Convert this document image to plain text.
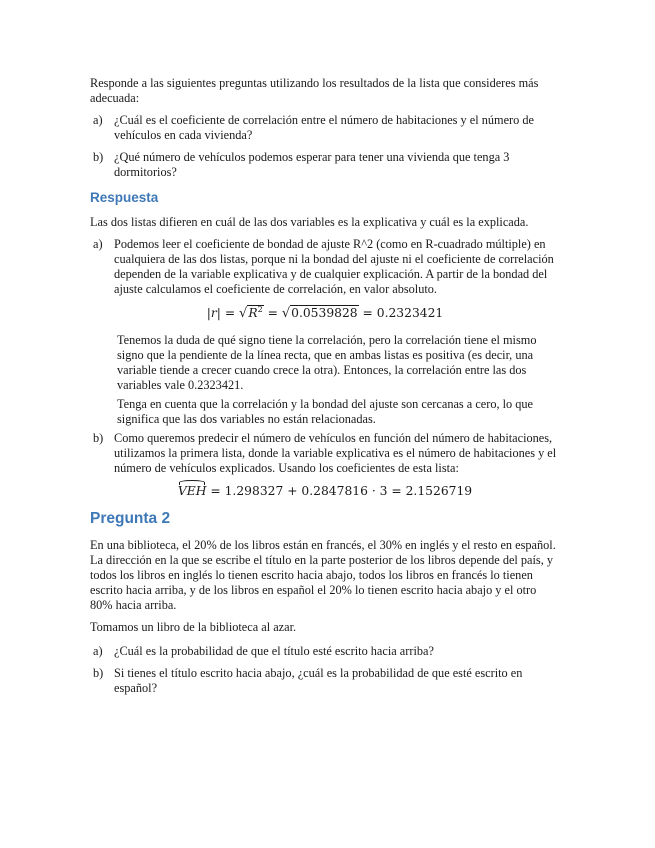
Responde a las siguientes preguntas utilizando los resultados de la lista que consideres más adecuada:

a) ¿Cuál es el coeficiente de correlación entre el número de habitaciones y el número de vehículos en cada vivienda?
b) ¿Qué número de vehículos podemos esperar para tener una vivienda que tenga 3 dormitorios?
Respuesta

Las dos listas difieren en cuál de las dos variables es la explicativa y cuál es la explicada.

a) Podemos leer el coeficiente de bondad de ajuste R^2 (como en R-cuadrado múltiple) en cualquiera de las dos listas, porque ni la bondad del ajuste ni el coeficiente de correlación dependen de la variable explicativa y de cualquier explicación. A partir de la bondad del ajuste calculamos el coeficiente de correlación, en valor absoluto.
$|r| = √R^2 = √0.0539828 = 0.2323421$

Tenemos la duda de qué signo tiene la correlación, pero la correlación tiene el mismo signo que la pendiente de la línea recta, que en ambas listas es positiva (es decir, una variable tiende a crecer cuando crece la otra). Entonces, la correlación entre las dos variables vale 0.2323421.

Tenga en cuenta que la correlación y la bondad del ajuste son cercanas a cero, lo que significa que las dos variables no están relacionadas.

b) Como queremos predecir el número de vehículos en función del número de habitaciones, utilizamos la primera lista, donde la variable explicativa es el número de habitaciones y el número de vehículos explicados. Usando los coeficientes de esta lista:
VEH = 1.298327 + 0.2847816 · 3 = 2.1526719
Pregunta 2

En una biblioteca, el 20% de los libros están en francés, el 30% en inglés y el resto en español. La dirección en la que se escribe el título en la parte posterior de los libros depende del país, y todos los libros en inglés lo tienen escrito hacia abajo, todos los libros en francés lo tienen escrito hacia arriba, y de los libros en español el 20% lo tienen escrito hacia abajo y el otro 80% hacia arriba.

Tomamos un libro de la biblioteca al azar.

a) ¿Cuál es la probabilidad de que el título esté escrito hacia arriba?
b) Si tienes el título escrito hacia abajo, ¿cuál es la probabilidad de que esté escrito en español?
